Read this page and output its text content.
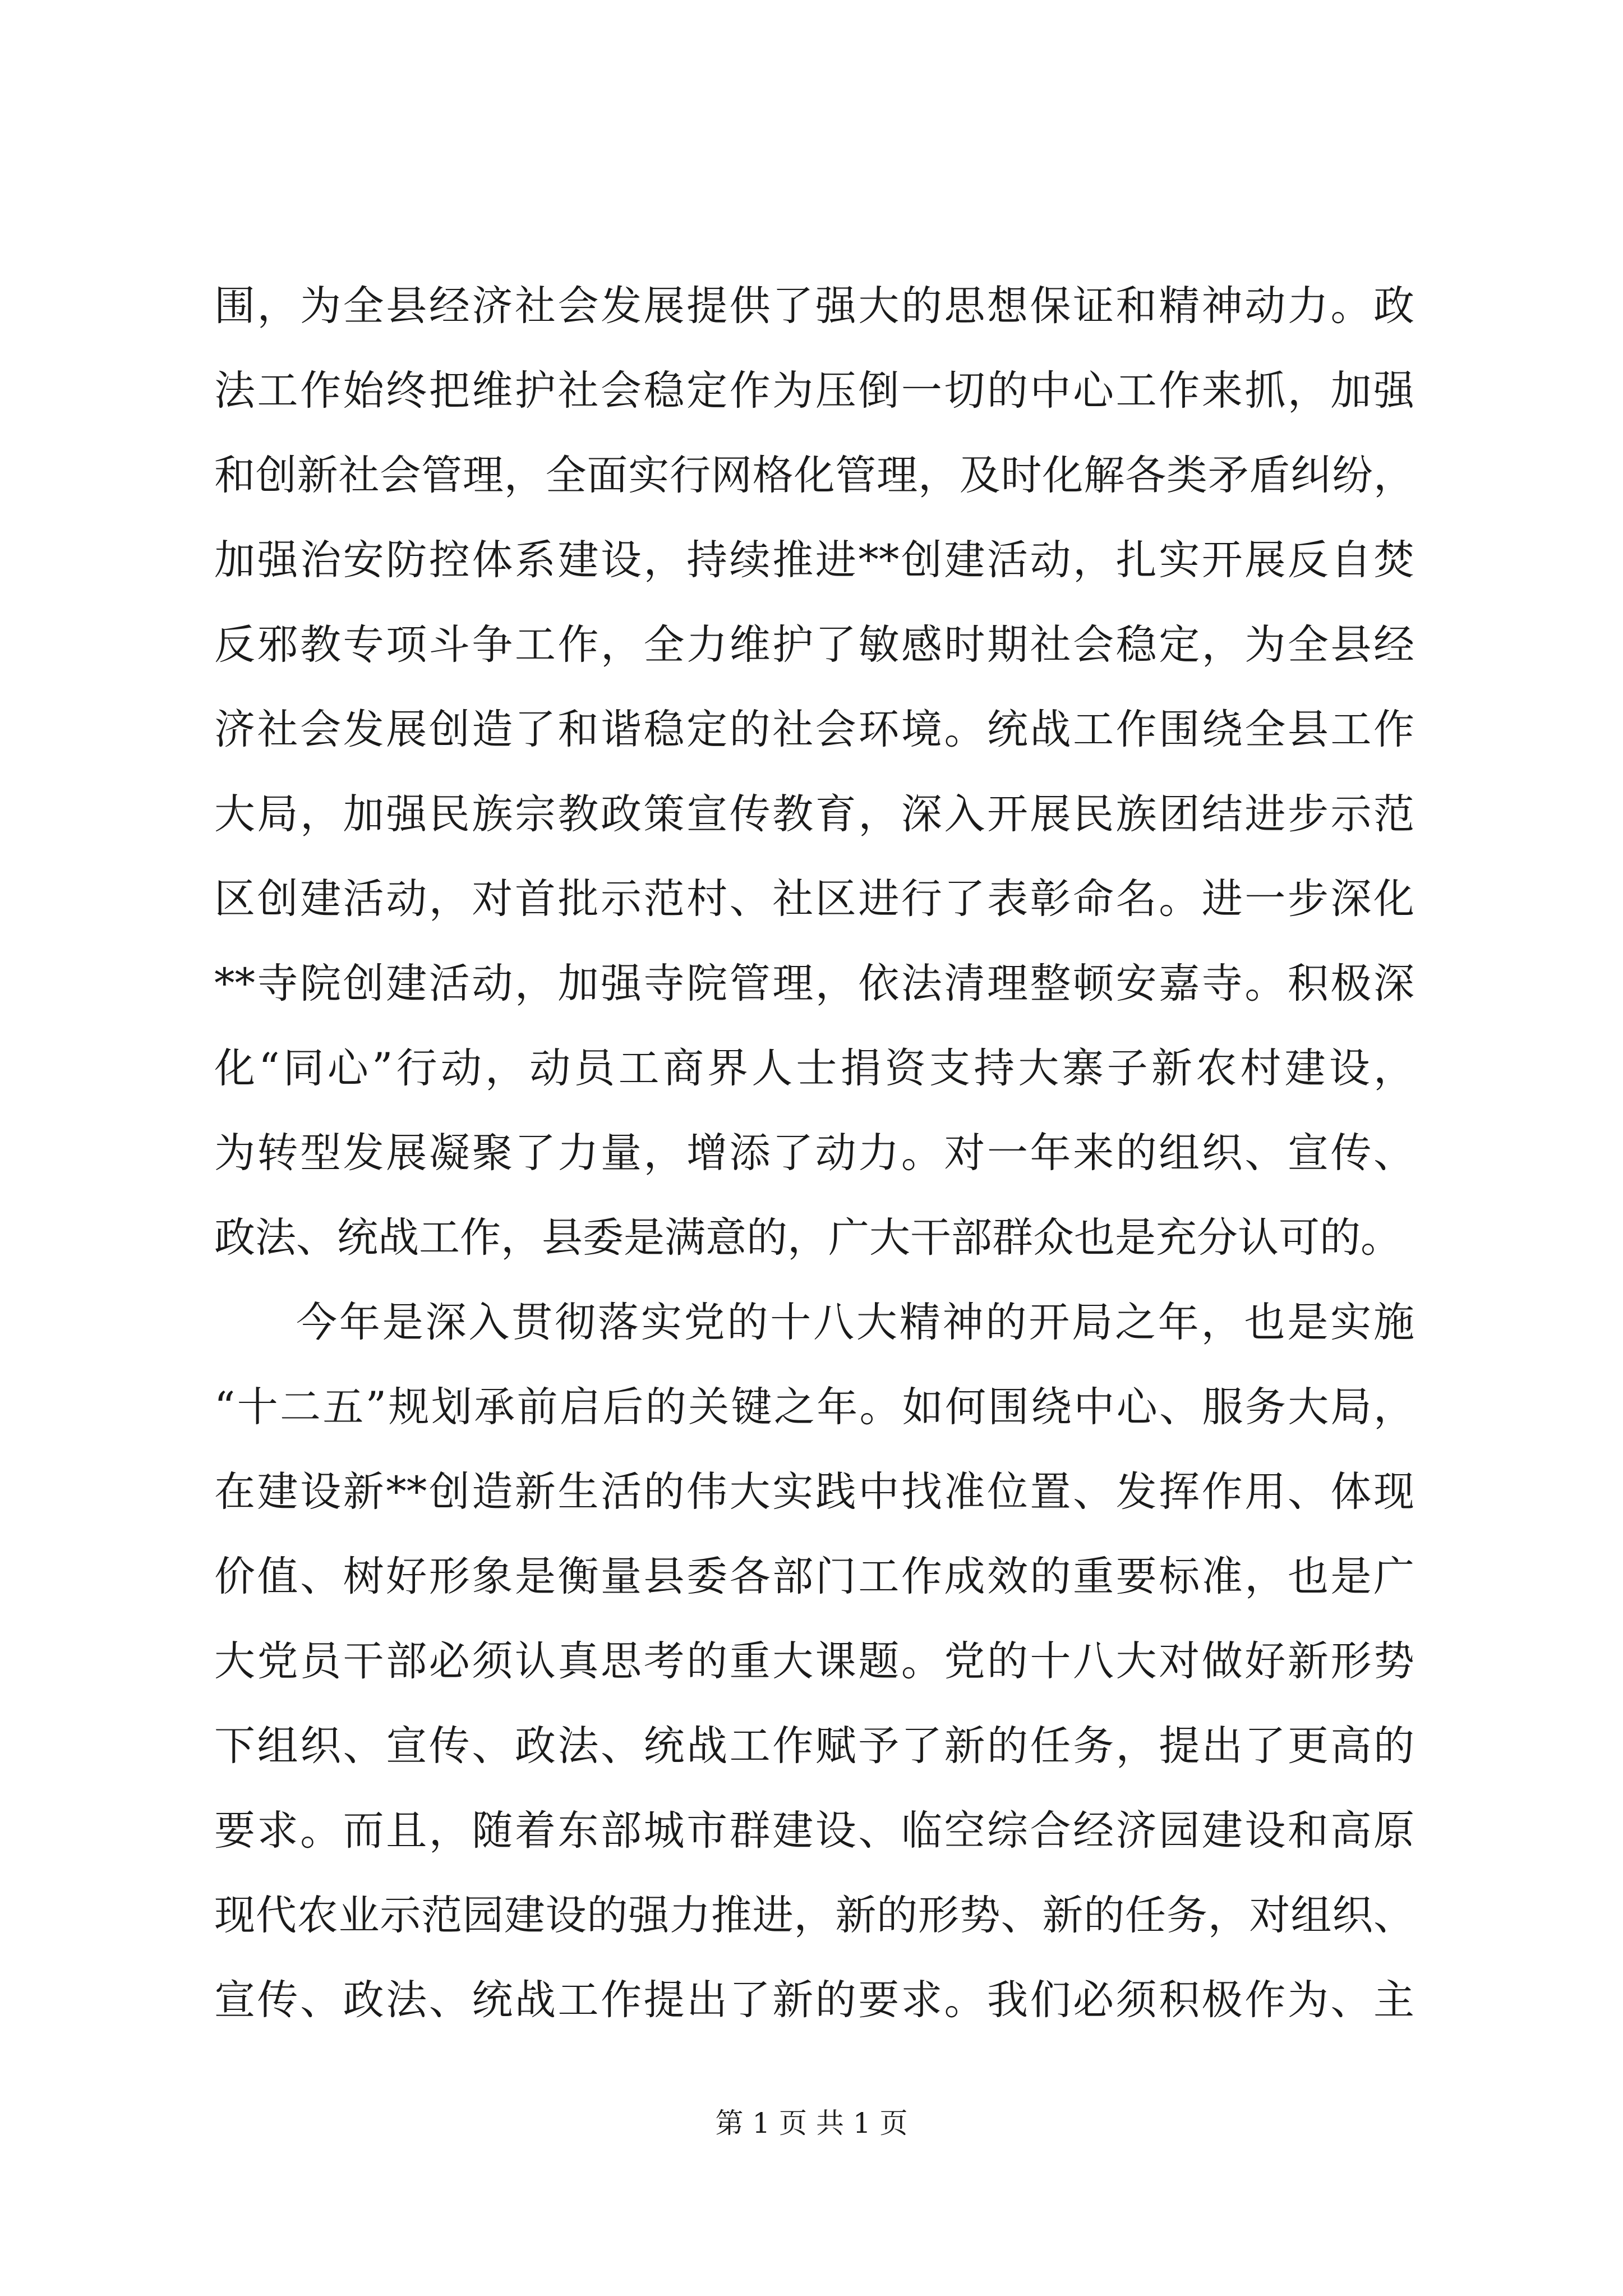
围，为全县经济社会发展提供了强大的思想保证和精神动力。政
法工作始终把维护社会稳定作为压倒一切的中心工作来抓，加强
和创新社会管理，全面实行网格化管理，及时化解各类矛盾纠纷，
加强治安防控体系建设，持续推进**创建活动，扎实开展反自焚
反邪教专项斗争工作，全力维护了敏感时期社会稳定，为全县经
济社会发展创造了和谐稳定的社会环境。统战工作围绕全县工作
大局，加强民族宗教政策宣传教育，深入开展民族团结进步示范
区创建活动，对首批示范村、社区进行了表彰命名。进一步深化
**寺院创建活动，加强寺院管理，依法清理整顿安嘉寺。积极深
化“同心”行动，动员工商界人士捐资支持大寨子新农村建设，
为转型发展凝聚了力量，增添了动力。对一年来的组织、宣传、
政法、统战工作，县委是满意的，广大干部群众也是充分认可的。
今年是深入贯彻落实党的十八大精神的开局之年，也是实施
“十二五”规划承前启后的关键之年。如何围绕中心、服务大局，
在建设新**创造新生活的伟大实践中找准位置、发挥作用、体现
价值、树好形象是衡量县委各部门工作成效的重要标准，也是广
大党员干部必须认真思考的重大课题。党的十八大对做好新形势
下组织、宣传、政法、统战工作赋予了新的任务，提出了更高的
要求。而且，随着东部城市群建设、临空综合经济园建设和高原
现代农业示范园建设的强力推进，新的形势、新的任务，对组织、
宣传、政法、统战工作提出了新的要求。我们必须积极作为、主
第 1 页 共 1 页
